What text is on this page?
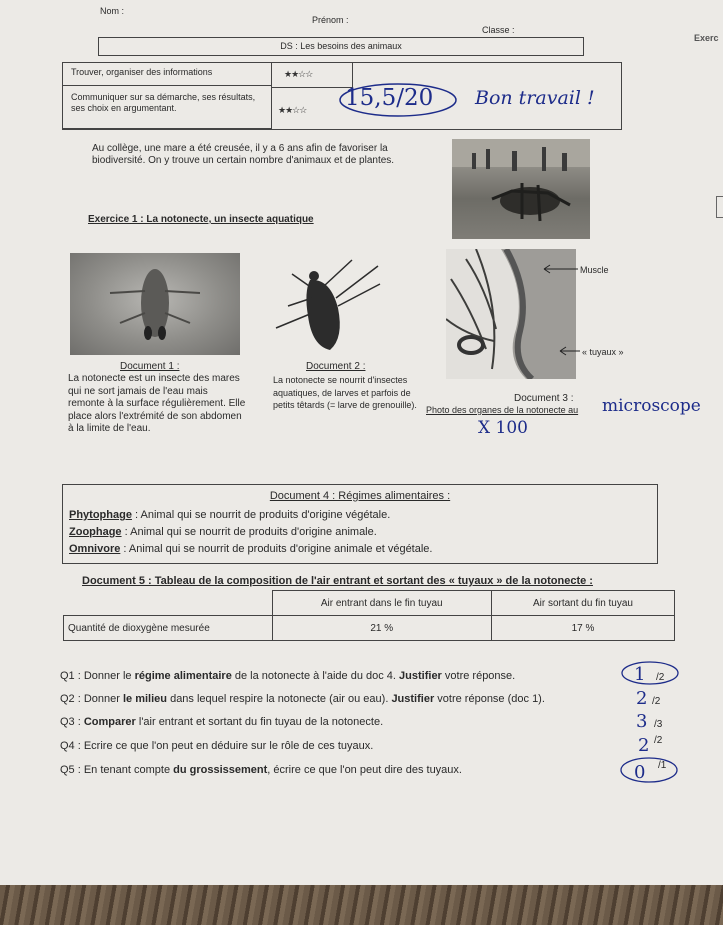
Nom :
Prénom :
Classe :
Exerc
DS : Les besoins des animaux
Trouver, organiser des informations
Communiquer sur sa démarche, ses résultats, ses choix en argumentant.
★★☆☆
★★☆☆ 15,5/20 Bon travail !
Au collège, une mare a été creusée, il y a 6 ans afin de favoriser la biodiversité. On y trouve un certain nombre d'animaux et de plantes.
Exercice 1 : La notonecte, un insecte aquatique
Muscle
« tuyaux »
Document 1 :
La notonecte est un insecte des mares qui ne sort jamais de l'eau mais remonte à la surface régulièrement. Elle place alors l'extrémité de son abdomen à la limite de l'eau.
Document 2 :
La notonecte se nourrit d'insectes aquatiques, de larves et parfois de petits têtards (= larve de grenouille).
Document 3 :
Photo des organes de la notonecte au microscope
X 100
Document 4 : Régimes alimentaires :
Phytophage : Animal qui se nourrit de produits d'origine végétale.
Zoophage : Animal qui se nourrit de produits d'origine animale.
Omnivore : Animal qui se nourrit de produits d'origine animale et végétale.
Document 5 : Tableau de la composition de l'air entrant et sortant des « tuyaux » de la notonecte :
	Air entrant dans le fin tuyau	Air sortant du fin tuyau
Quantité de dioxygène mesurée	21 %	17 %
Q1 : Donner le régime alimentaire de la notonecte à l'aide du doc 4. Justifier votre réponse.
Q2 : Donner le milieu dans lequel respire la notonecte (air ou eau). Justifier votre réponse (doc 1).
Q3 : Comparer l'air entrant et sortant du fin tuyau de la notonecte.
Q4 : Ecrire ce que l'on peut en déduire sur le rôle de ces tuyaux.
Q5 : En tenant compte du grossissement, écrire ce que l'on peut dire des tuyaux.
1 /2
2 /2
3 /3
2 /2
0 /1
